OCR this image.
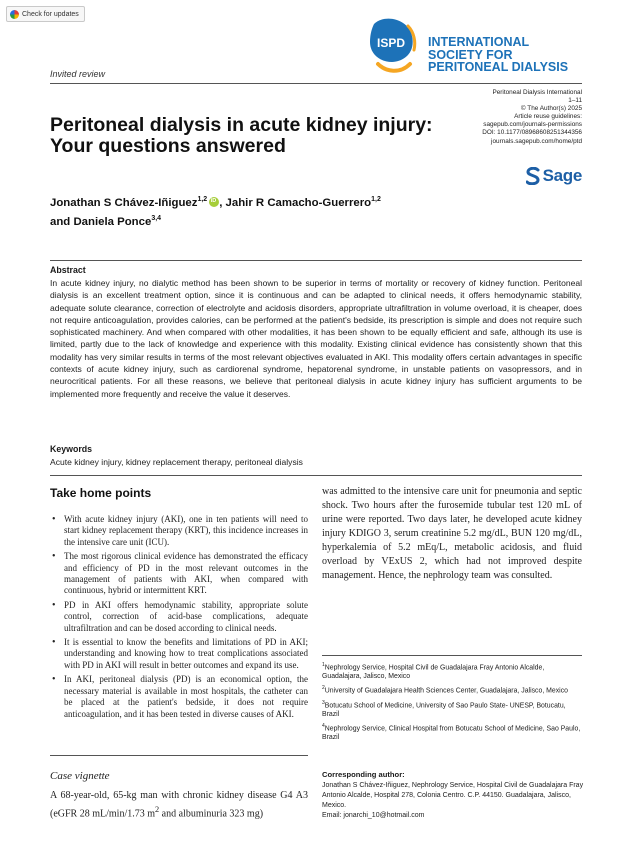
Check for updates
ISPD INTERNATIONAL
SOCIETY FOR
PERITONEAL DIALYSIS
Invited review
Peritoneal Dialysis International
1–11
© The Author(s) 2025
Article reuse guidelines:
sagepub.com/journals-permissions
DOI: 10.1177/08968608251344356
journals.sagepub.com/home/ptd
Sage
Peritoneal dialysis in acute kidney injury:
Your questions answered
Jonathan S Chávez-Iñiguez$^{1,2}$iD , Jahir R Camacho-Guerrero$^{1,2}$
and Daniela Ponce$^{3,4}$
Abstract
In acute kidney injury, no dialytic method has been shown to be superior in terms of mortality or recovery of kidney function. Peritoneal dialysis is an excellent treatment option, since it is continuous and can be adapted to clinical needs, it offers hemodynamic stability, adequate solute clearance, correction of electrolyte and acidosis disorders, appropriate ultrafiltration in volume overload, it is cheaper, does not require anticoagulation, provides calories, can be performed at the patient's bedside, its prescription is simple and does not require such sophisticated machinery. And when compared with other modalities, it has been shown to be equally efficient and safe, although its use is limited, partly due to the lack of knowledge and experience with this modality. Existing clinical evidence has consistently shown that this modality has very similar results in terms of the most relevant objectives evaluated in AKI. This modality offers certain advantages in specific contexts of acute kidney injury, such as cardiorenal syndrome, hepatorenal syndrome, in unstable patients on vasopressors, and in neurocritical patients. For all these reasons, we believe that peritoneal dialysis in acute kidney injury has sufficient arguments to be implemented more frequently and receive the value it deserves.
Keywords
Acute kidney injury, kidney replacement therapy, peritoneal dialysis
Take home points
• With acute kidney injury (AKI), one in ten patients will need to start kidney replacement therapy (KRT), this incidence increases in the intensive care unit (ICU).
• The most rigorous clinical evidence has demonstrated the efficacy and efficiency of PD in the most relevant outcomes in the management of patients with AKI, when compared with continuous, hybrid or intermittent KRT.
• PD in AKI offers hemodynamic stability, appropriate solute control, correction of acid-base complications, adequate ultrafiltration and can be dosed according to clinical needs.
• It is essential to know the benefits and limitations of PD in AKI; understanding and knowing how to treat complications associated with PD in AKI will result in better outcomes and expand its use.
• In AKI, peritoneal dialysis (PD) is an economical option, the necessary material is available in most hospitals, the catheter can be placed at the patient's bedside, it does not require anticoagulation, and it has been tested in diverse causes of AKI.
Case vignette
A 68-year-old, 65-kg man with chronic kidney disease G4 A3 (eGFR 28 mL/min/1.73 $m^2$ and albuminuria 323 mg)
was admitted to the intensive care unit for pneumonia and septic shock. Two hours after the furosemide tubular test 120 mL of urine were reported. Two days later, he developed acute kidney injury KDIGO 3, serum creatinine 5.2 mg/dL, BUN 120 mg/dL, hyperkalemia of 5.2 mEq/L, metabolic acidosis, and fluid overload by VExUS 2, which had not improved despite management. Hence, the nephrology team was consulted.
$^1$Nephrology Service, Hospital Civil de Guadalajara Fray Antonio Alcalde, Guadalajara, Jalisco, Mexico
$^2$University of Guadalajara Health Sciences Center, Guadalajara, Jalisco, Mexico
$^3$Botucatu School of Medicine, University of Sao Paulo State- UNESP, Botucatu, Brazil
$^4$Nephrology Service, Clinical Hospital from Botucatu School of Medicine, Sao Paulo, Brazil
Corresponding author:
Jonathan S Chávez-Iñiguez, Nephrology Service, Hospital Civil de Guadalajara Fray Antonio Alcalde, Hospital 278, Colonia Centro. C.P. 44150. Guadalajara, Jalisco, Mexico.
Email: jonarchi_10@hotmail.com
